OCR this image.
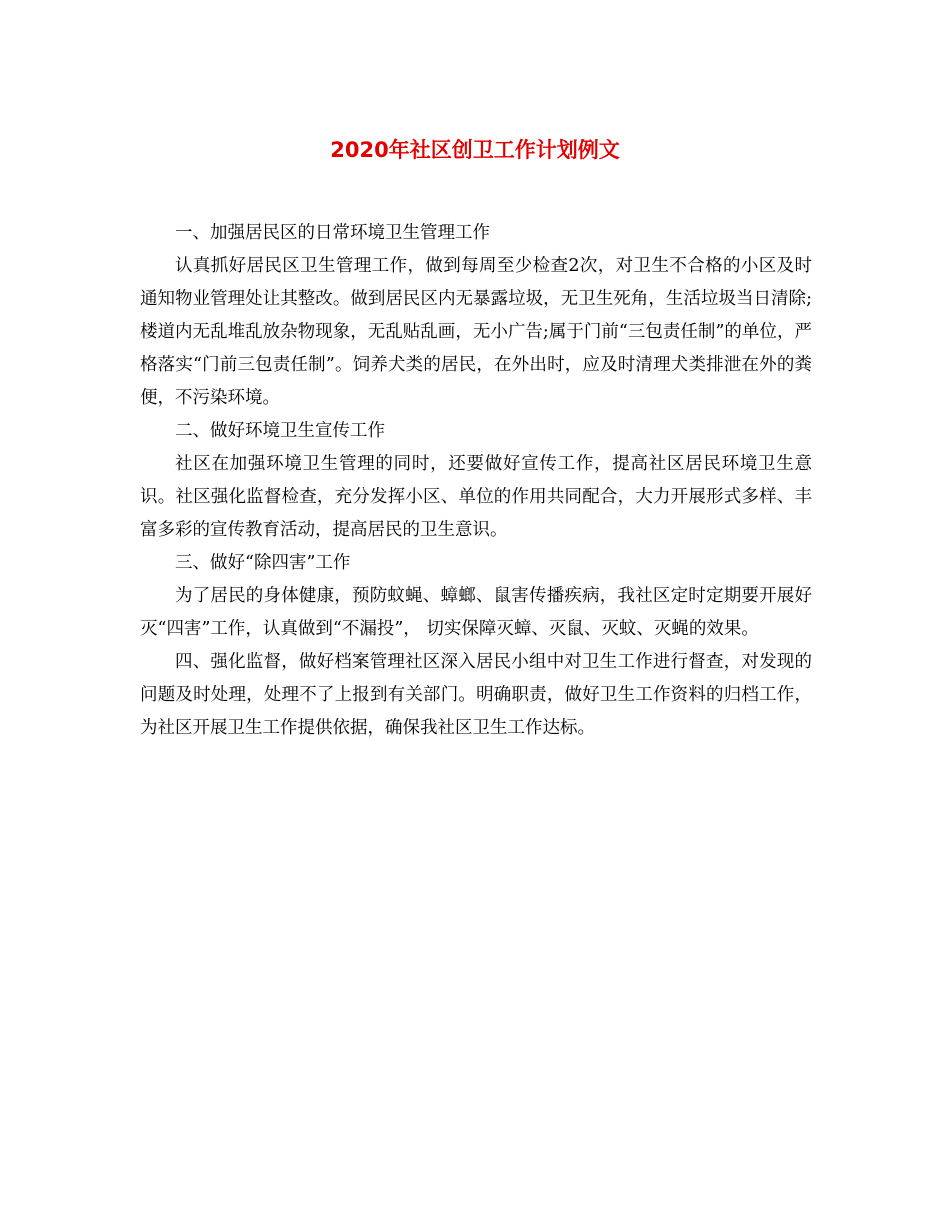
2020年社区创卫工作计划例文

一、加强居民区的日常环境卫生管理工作

认真抓好居民区卫生管理工作，做到每周至少检查2次，对卫生不合格的小区及时通知物业管理处让其整改。做到居民区内无暴露垃圾，无卫生死角，生活垃圾当日清除;楼道内无乱堆乱放杂物现象，无乱贴乱画，无小广告;属于门前“三包责任制”的单位，严格落实“门前三包责任制”。饲养犬类的居民，在外出时，应及时清理犬类排泄在外的粪便，不污染环境。

二、做好环境卫生宣传工作

社区在加强环境卫生管理的同时，还要做好宣传工作，提高社区居民环境卫生意识。社区强化监督检查，充分发挥小区、单位的作用共同配合，大力开展形式多样、丰富多彩的宣传教育活动，提高居民的卫生意识。

三、做好“除四害”工作

为了居民的身体健康，预防蚊蝇、蟑螂、鼠害传播疾病，我社区定时定期要开展好灭“四害”工作，认真做到“不漏投”， 切实保障灭蟑、灭鼠、灭蚊、灭蝇的效果。

四、强化监督，做好档案管理社区深入居民小组中对卫生工作进行督查，对发现的问题及时处理，处理不了上报到有关部门。明确职责，做好卫生工作资料的归档工作，为社区开展卫生工作提供依据，确保我社区卫生工作达标。
